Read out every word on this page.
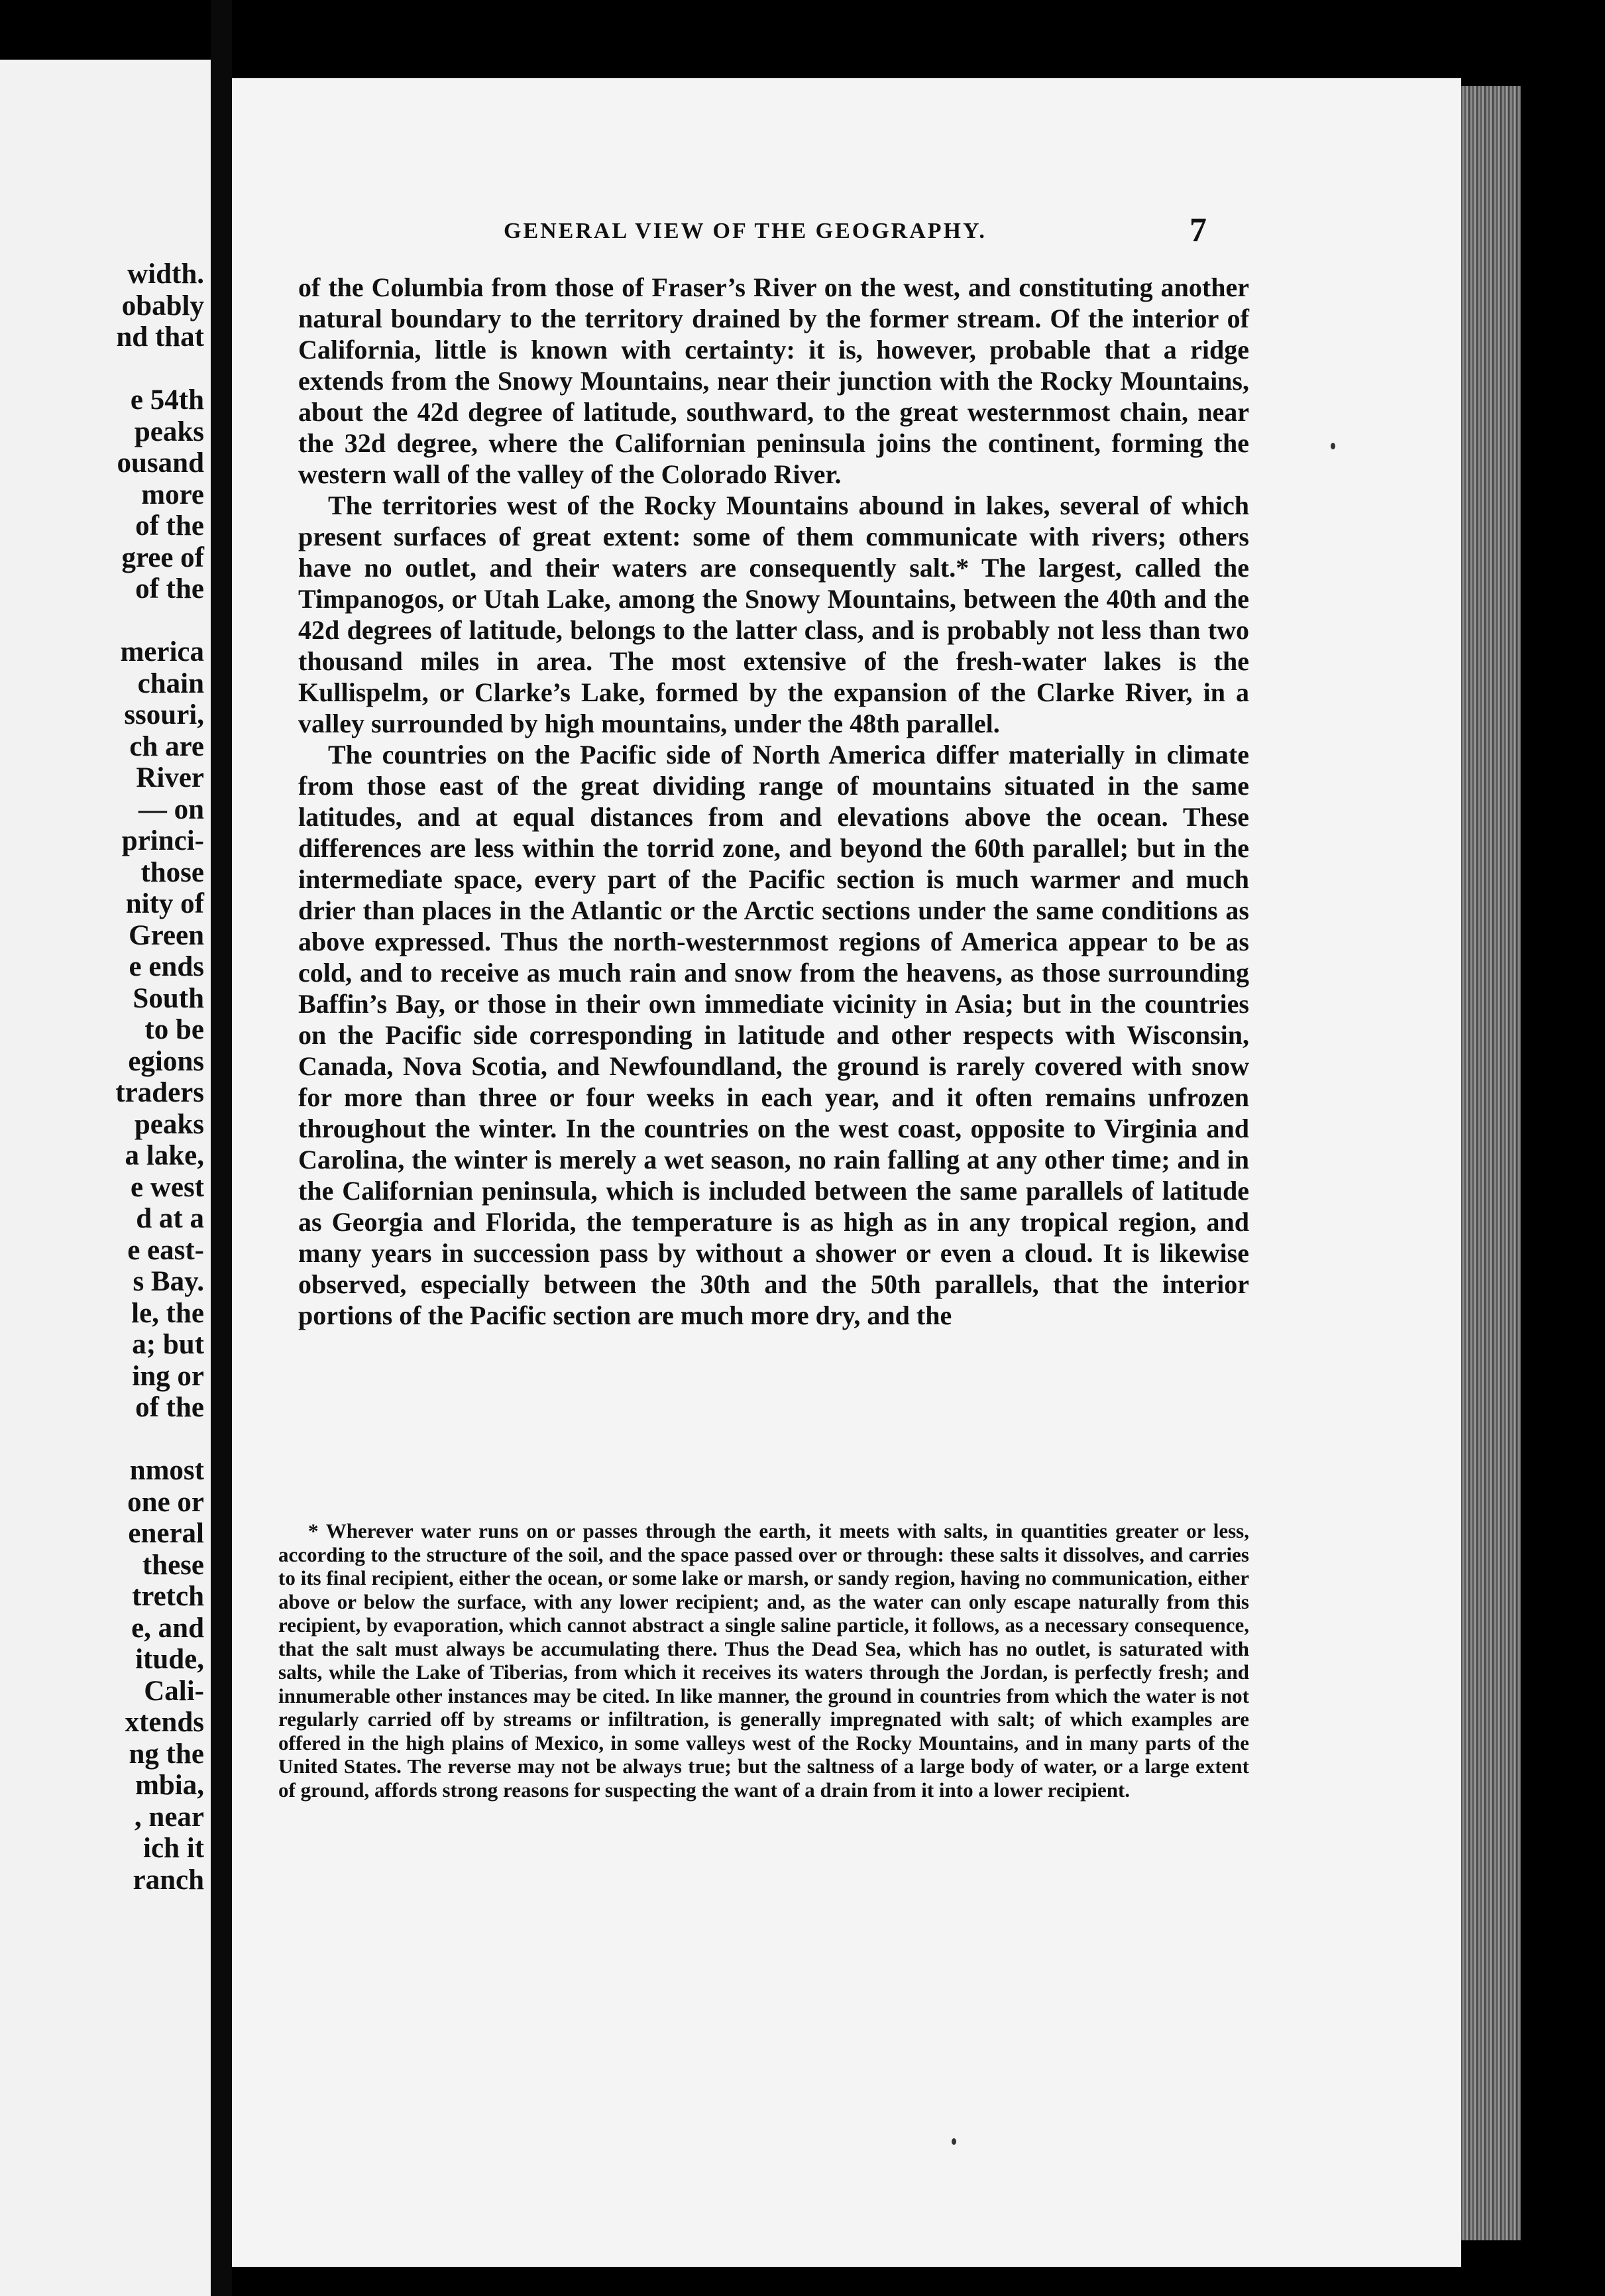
width.
obably
nd that
e 54th
peaks
ousand
more
of the
gree of
of the
merica
chain
ssouri,
ch are
River
— on
princi-
those
nity of
Green
e ends
South
to be
egions
traders
peaks
a lake,
e west
d at a
e east-
s Bay.
le, the
a; but
ing or
of the
nmost
one or
eneral
these
tretch
e, and
itude,
Cali-
xtends
ng the
mbia,
, near
ich it
ranch
GENERAL VIEW OF THE GEOGRAPHY.	7

of the Columbia from those of Fraser’s River on the west, and constituting another natural boundary to the territory drained by the former stream. Of the interior of California, little is known with certainty: it is, however, probable that a ridge extends from the Snowy Mountains, near their junction with the Rocky Mountains, about the 42d degree of latitude, southward, to the great westernmost chain, near the 32d degree, where the Californian peninsula joins the continent, forming the western wall of the valley of the Colorado River.

The territories west of the Rocky Mountains abound in lakes, several of which present surfaces of great extent: some of them communicate with rivers; others have no outlet, and their waters are consequently salt.* The largest, called the Timpanogos, or Utah Lake, among the Snowy Mountains, between the 40th and the 42d degrees of latitude, belongs to the latter class, and is probably not less than two thousand miles in area. The most extensive of the fresh-water lakes is the Kullispelm, or Clarke’s Lake, formed by the expansion of the Clarke River, in a valley surrounded by high mountains, under the 48th parallel.

The countries on the Pacific side of North America differ materially in climate from those east of the great dividing range of mountains situated in the same latitudes, and at equal distances from and elevations above the ocean. These differences are less within the torrid zone, and beyond the 60th parallel; but in the intermediate space, every part of the Pacific section is much warmer and much drier than places in the Atlantic or the Arctic sections under the same conditions as above expressed. Thus the north-westernmost regions of America appear to be as cold, and to receive as much rain and snow from the heavens, as those surrounding Baffin’s Bay, or those in their own immediate vicinity in Asia; but in the countries on the Pacific side corresponding in latitude and other respects with Wisconsin, Canada, Nova Scotia, and Newfoundland, the ground is rarely covered with snow for more than three or four weeks in each year, and it often remains unfrozen throughout the winter. In the countries on the west coast, opposite to Virginia and Carolina, the winter is merely a wet season, no rain falling at any other time; and in the Californian peninsula, which is included between the same parallels of latitude as Georgia and Florida, the temperature is as high as in any tropical region, and many years in succession pass by without a shower or even a cloud. It is likewise observed, especially between the 30th and the 50th parallels, that the interior portions of the Pacific section are much more dry, and the

* Wherever water runs on or passes through the earth, it meets with salts, in quantities greater or less, according to the structure of the soil, and the space passed over or through: these salts it dissolves, and carries to its final recipient, either the ocean, or some lake or marsh, or sandy region, having no communication, either above or below the surface, with any lower recipient; and, as the water can only escape naturally from this recipient, by evaporation, which cannot abstract a single saline particle, it follows, as a necessary consequence, that the salt must always be accumulating there. Thus the Dead Sea, which has no outlet, is saturated with salts, while the Lake of Tiberias, from which it receives its waters through the Jordan, is perfectly fresh; and innumerable other instances may be cited. In like manner, the ground in countries from which the water is not regularly carried off by streams or infiltration, is generally impregnated with salt; of which examples are offered in the high plains of Mexico, in some valleys west of the Rocky Mountains, and in many parts of the United States. The reverse may not be always true; but the saltness of a large body of water, or a large extent of ground, affords strong reasons for suspecting the want of a drain from it into a lower recipient.
